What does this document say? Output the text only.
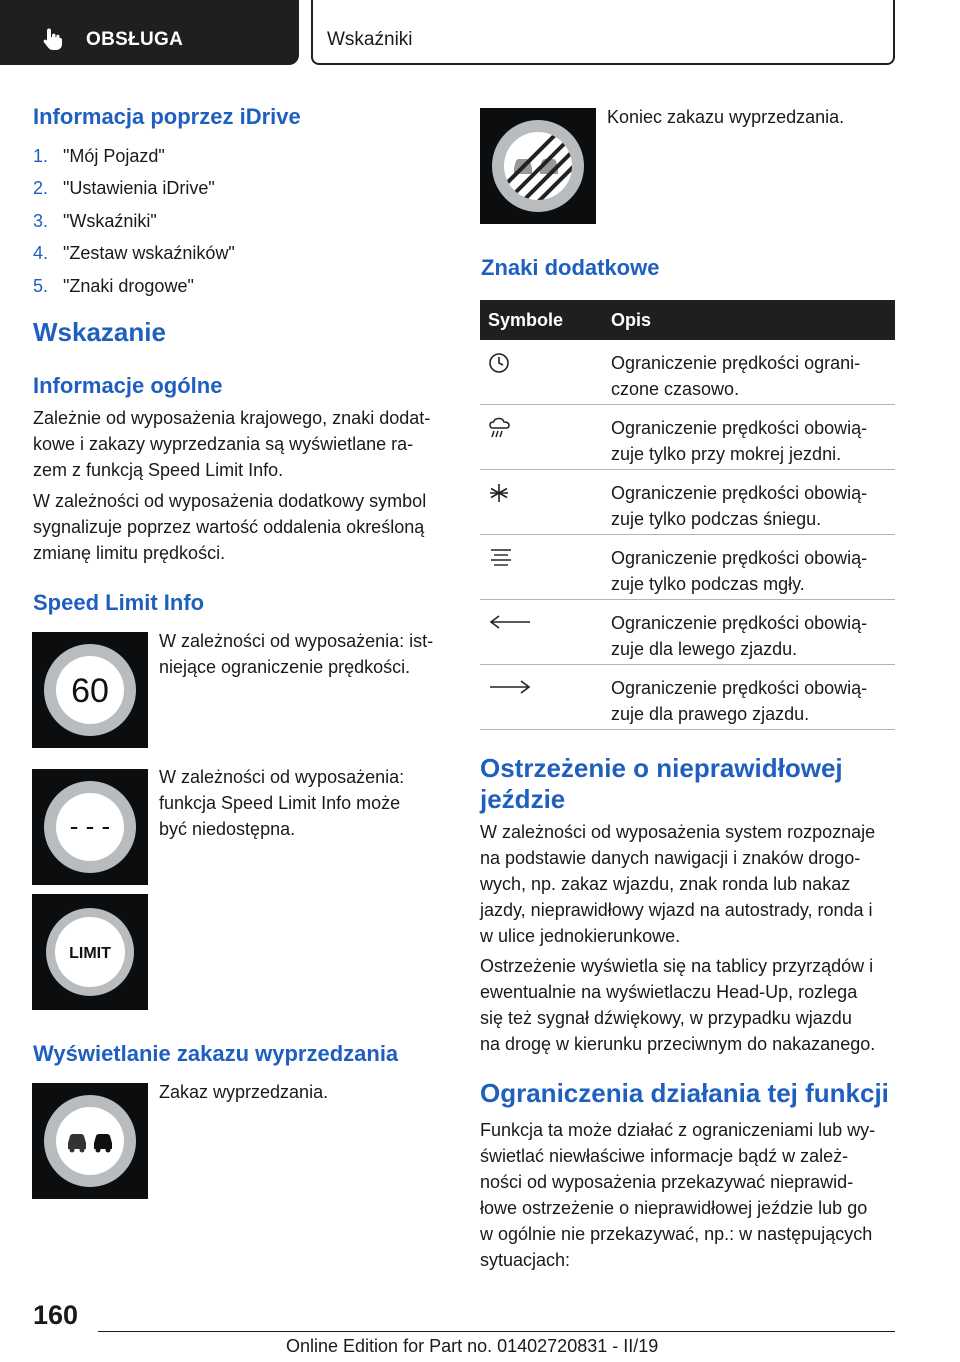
OBSŁUGA	Wskaźniki
Informacja poprzez iDrive
1. "Mój Pojazd"
2. "Ustawienia iDrive"
3. "Wskaźniki"
4. "Zestaw wskaźników"
5. "Znaki drogowe"
Wskazanie
Informacje ogólne
Zależnie od wyposażenia krajowego, znaki dodat-
kowe i zakazy wyprzedzania są wyświetlane ra-
zem z funkcją Speed Limit Info.
W zależności od wyposażenia dodatkowy symbol
sygnalizuje poprzez wartość oddalenia określoną
zmianę limitu prędkości.
Speed Limit Info
60
W zależności od wyposażenia: ist-
niejące ograniczenie prędkości.
- - -
W zależności od wyposażenia:
funkcja Speed Limit Info może
być niedostępna.
LIMIT
Wyświetlanie zakazu wyprzedzania
Zakaz wyprzedzania.
Koniec zakazu wyprzedzania.
Znaki dodatkowe
Symbole	Opis
Ograniczenie prędkości ograni-
czone czasowo.
Ograniczenie prędkości obowią-
zuje tylko przy mokrej jezdni.
Ograniczenie prędkości obowią-
zuje tylko podczas śniegu.
Ograniczenie prędkości obowią-
zuje tylko podczas mgły.
Ograniczenie prędkości obowią-
zuje dla lewego zjazdu.
Ograniczenie prędkości obowią-
zuje dla prawego zjazdu.
Ostrzeżenie o nieprawidłowej
jeździe
W zależności od wyposażenia system rozpoznaje
na podstawie danych nawigacji i znaków drogo-
wych, np. zakaz wjazdu, znak ronda lub nakaz
jazdy, nieprawidłowy wjazd na autostrady, ronda i
w ulice jednokierunkowe.
Ostrzeżenie wyświetla się na tablicy przyrządów i
ewentualnie na wyświetlaczu Head-Up, rozlega
się też sygnał dźwiękowy, w przypadku wjazdu
na drogę w kierunku przeciwnym do nakazanego.
Ograniczenia działania tej funkcji
Funkcja ta może działać z ograniczeniami lub wy-
świetlać niewłaściwe informacje bądź w zależ-
ności od wyposażenia przekazywać nieprawid-
łowe ostrzeżenie o nieprawidłowej jeździe lub go
w ogólnie nie przekazywać, np.: w następujących
sytuacjach:
160
Online Edition for Part no. 01402720831 - II/19
